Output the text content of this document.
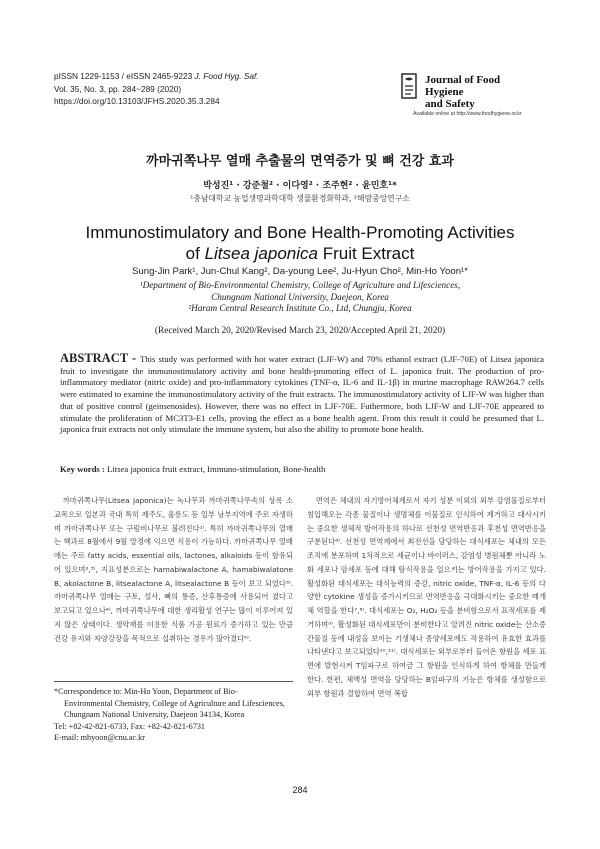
pISSN 1229-1153 / eISSN 2465-9223 J. Food Hyg. Saf.
Vol. 35, No. 3, pp. 284~289 (2020)
https://doi.org/10.13103/JFHS.2020.35.3.284
Journal of Food Hygiene
and Safety
Available online at http://www.foodhygiene.or.kr
까마귀쪽나무 열매 추출물의 면역증가 및 뼈 건강 효과
박성진¹ · 강준철² · 이다영² · 조주현² · 윤민호¹*
¹충남대학교 농업생명과학대학 생물환경화학과, ²해람중앙연구소
Immunostimulatory and Bone Health-Promoting Activities
of Litsea japonica Fruit Extract
Sung-Jin Park¹, Jun-Chul Kang², Da-young Lee², Ju-Hyun Cho², Min-Ho Yoon¹*
¹Department of Bio-Environmental Chemistry, College of Agriculture and Lifesciences,
Chungnam National University, Daejeon, Korea
²Haram Central Research Institute Co., Ltd, Chungju, Korea
(Received March 20, 2020/Revised March 23, 2020/Accepted April 21, 2020)
ABSTRACT - This study was performed with hot water extract (LJF-W) and 70% ethanol extract (LJF-70E) of Litsea japonica fruit to investigate the immunostimulatory activity and bone health-promoting effect of L. japonica fruit. The production of pro-inflammatory mediator (nitric oxide) and pro-inflammatory cytokines (TNF-α, IL-6 and IL-1β) in murine macrophage RAW264.7 cells were estimated to examine the immunostimulatory activity of the fruit extracts. The immunostimulatory activity of LJF-W was higher than that of positive control (geinsenosides). However, there was no effect in LJF-70E. Futhermore, both LJF-W and LJF-70E appeared to stimulate the proliferation of MC3T3-E1 cells, proving the effect as a bone health agent. From this result it could be presumed that L. japonica fruit extracts not only stimulate the immune system, but also the ability to promote bone health.
Key words : Litsea japonica fruit extract, Immuno-stimulation, Bone-health

까마귀쪽나무(Litsea japonica)는 녹나무과 까마귀쪽나무속의 상록 소교목으로 일본과 국내 특히 제주도, 울릉도 등 일부 남부지역에 주로 자생하며 까마귀쪽나무 또는 구럼비나무로 불려진다¹⁾. 특히 까마귀쪽나무의 열매는 핵과로 8월에서 9월 말경에 익으면 식용이 가능하다. 까마귀쪽나무 열매에는 주로 fatty acids, essential oils, lactones, alkaloids 등이 함유되어 있으며²,³⁾, 지표성분으로는 hamabiwalactone A, hamabiwalatone B, akolactone B, litsealactone A, litsealactone B 등이 보고 되었다³⁾. 까마귀쪽나무 열매는 구토, 설사, 뼈의 통증, 산후통증에 사용되어 졌다고 보고되고 있으나⁴⁾, 까마귀쪽나무에 대한 생리활성 연구는 많이 이루어져 있지 않은 상태이다. 생약재를 이용한 식품 가공 원료가 증가하고 있는 만큼 건강 유지와 자양강장을 목적으로 섭취하는 경우가 많아졌다⁵⁾.

면역은 체내의 자기방어체계로서 자기 성분 이외의 외부 감염물질로부터 침입해오는 각종 물질이나 생명체를 이물질로 인식하여 제거하고 대사시키는 중요한 생체적 방어작용의 하나로 선천성 면역반응과 후천성 면역반응을 구분된다⁶⁾. 선천성 면역계에서 최전선을 담당하는 대식세포는 체내의 모든 조직에 분포하며 1차적으로 세균이나 바이러스, 감염성 병원체뿐 아니라 노화 세포나 암세포 등에 대해 탐식작용을 일으키는 방어작용을 가지고 있다. 활성화된 대식세포는 대식능력의 증강, nitric oxide, TNF-α, IL-6 등의 다양한 cytokine 생성을 증가시키므로 면역반응을 극대화시키는 중요한 매개체 역할을 한다⁷,⁸⁾. 대식세포는 O₂, H₂O₂ 등을 분비함으로서 표적세포를 제거하며⁹⁾, 활성화된 대식세포만이 분비한다고 알려진 nitric oxide는 산소증간물질 등에 내성을 보이는 기생체나 종양세포에도 작용하여 유효한 효과를 나타낸다고 보고되었다¹⁰,¹¹⁾. 대식세포는 외부로부터 들어온 항원을 세포 표면에 발현시켜 T임파구로 하여금 그 항원을 인식하게 하여 항체를 만들게 한다. 한편, 체액성 면역을 담당하는 B임파구의 기능은 항체를 생성함으로 외부 항원과 결합하여 면역 복합

*Correspondence to: Min-Ho Yoon, Department of Bio-
Environmental Chemistry, College of Agriculture and Lifesciences,
Chungnam National University, Daejeon 34134, Korea
Tel: +82-42-821-6733, Fax: +82-42-821-6731
E-mail: mhyoon@cnu.ac.kr
284
